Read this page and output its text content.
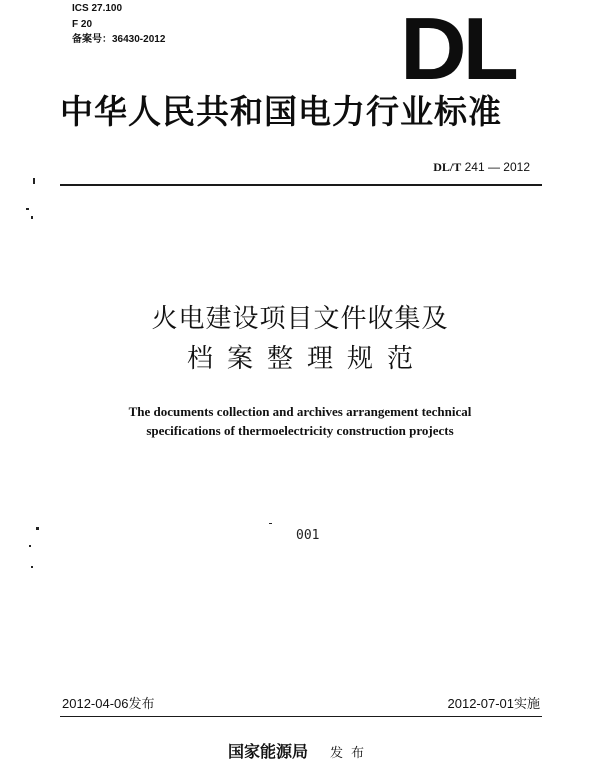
ICS 27.100
F 20
备案号：36430-2012	DL
中华人民共和国电力行业标准
DL/T 241 — 2012
火电建设项目文件收集及
档案整理规范
The documents collection and archives arrangement technical
specifications of thermoelectricity construction projects
001
2012-04-06发布	2012-07-01实施
国家能源局 发布
